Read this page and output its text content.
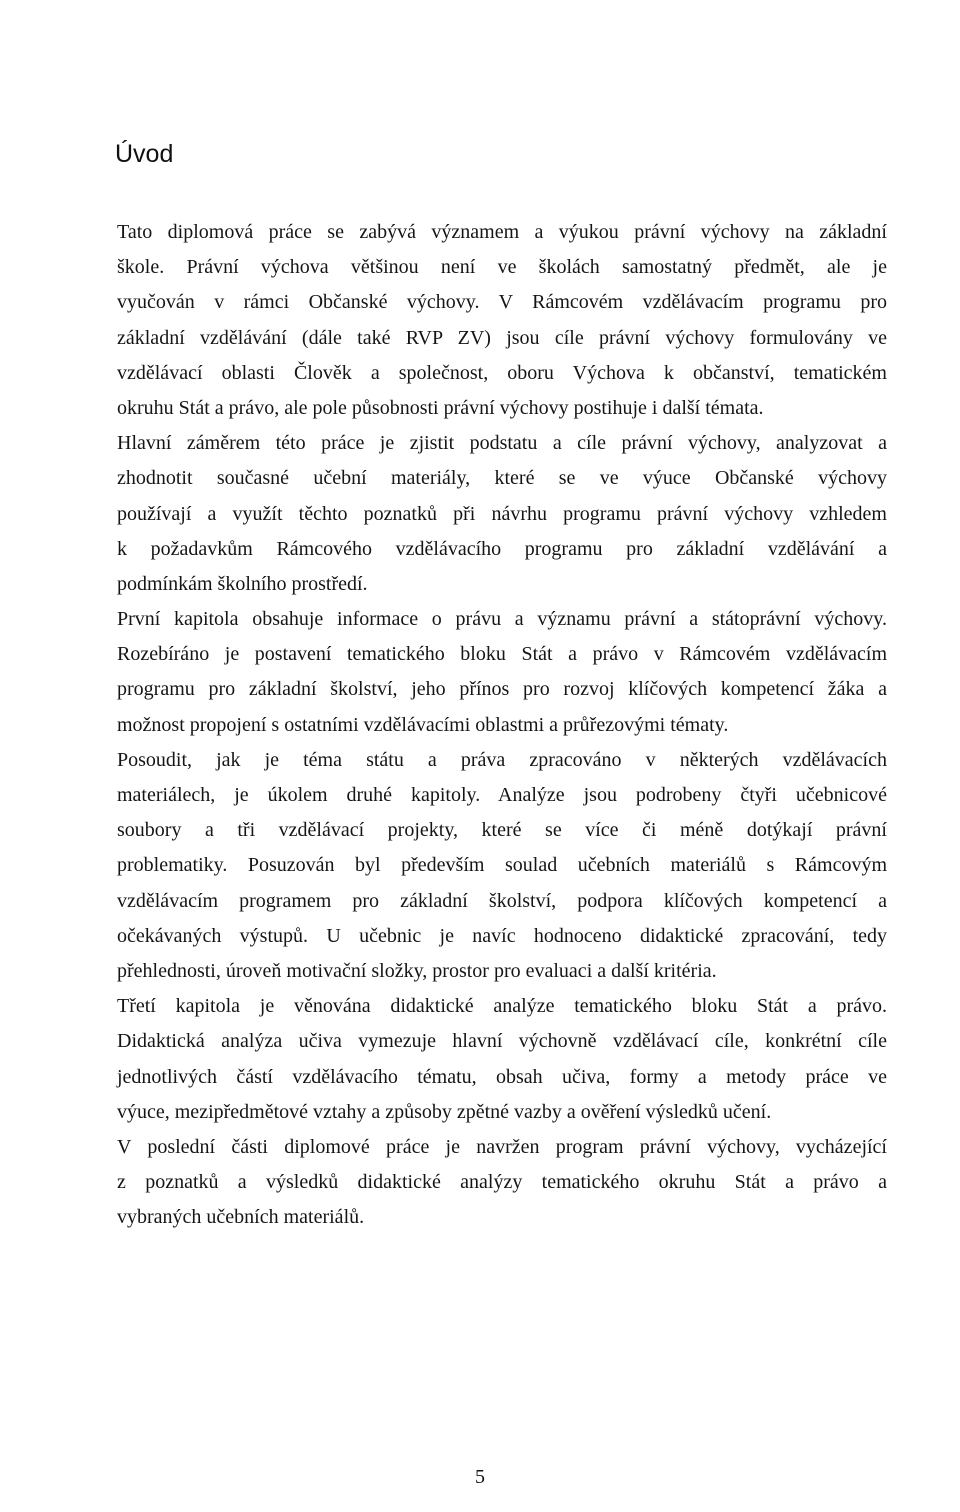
Úvod
Tato diplomová práce se zabývá významem a výukou právní výchovy na základní
škole. Právní výchova většinou není ve školách samostatný předmět, ale je
vyučován v rámci Občanské výchovy. V Rámcovém vzdělávacím programu pro
základní vzdělávání (dále také RVP ZV) jsou cíle právní výchovy formulovány ve
vzdělávací oblasti Člověk a společnost, oboru Výchova k občanství, tematickém
okruhu Stát a právo, ale pole působnosti právní výchovy postihuje i další témata.
Hlavní záměrem této práce je zjistit podstatu a cíle právní výchovy, analyzovat a
zhodnotit současné učební materiály, které se ve výuce Občanské výchovy
používají a využít těchto poznatků při návrhu programu právní výchovy vzhledem
k požadavkům Rámcového vzdělávacího programu pro základní vzdělávání a
podmínkám školního prostředí.
První kapitola obsahuje informace o právu a významu právní a státoprávní výchovy.
Rozebíráno je postavení tematického bloku Stát a právo v Rámcovém vzdělávacím
programu pro základní školství, jeho přínos pro rozvoj klíčových kompetencí žáka a
možnost propojení s ostatními vzdělávacími oblastmi a průřezovými tématy.
Posoudit, jak je téma státu a práva zpracováno v některých vzdělávacích
materiálech, je úkolem druhé kapitoly. Analýze jsou podrobeny čtyři učebnicové
soubory a tři vzdělávací projekty, které se více či méně dotýkají právní
problematiky. Posuzován byl především soulad učebních materiálů s Rámcovým
vzdělávacím programem pro základní školství, podpora klíčových kompetencí a
očekávaných výstupů. U učebnic je navíc hodnoceno didaktické zpracování, tedy
přehlednosti, úroveň motivační složky, prostor pro evaluaci a další kritéria.
Třetí kapitola je věnována didaktické analýze tematického bloku Stát a právo.
Didaktická analýza učiva vymezuje hlavní výchovně vzdělávací cíle, konkrétní cíle
jednotlivých částí vzdělávacího tématu, obsah učiva, formy a metody práce ve
výuce, mezipředmětové vztahy a způsoby zpětné vazby a ověření výsledků učení.
V poslední části diplomové práce je navržen program právní výchovy, vycházející
z poznatků a výsledků didaktické analýzy tematického okruhu Stát a právo a
vybraných učebních materiálů.
5
